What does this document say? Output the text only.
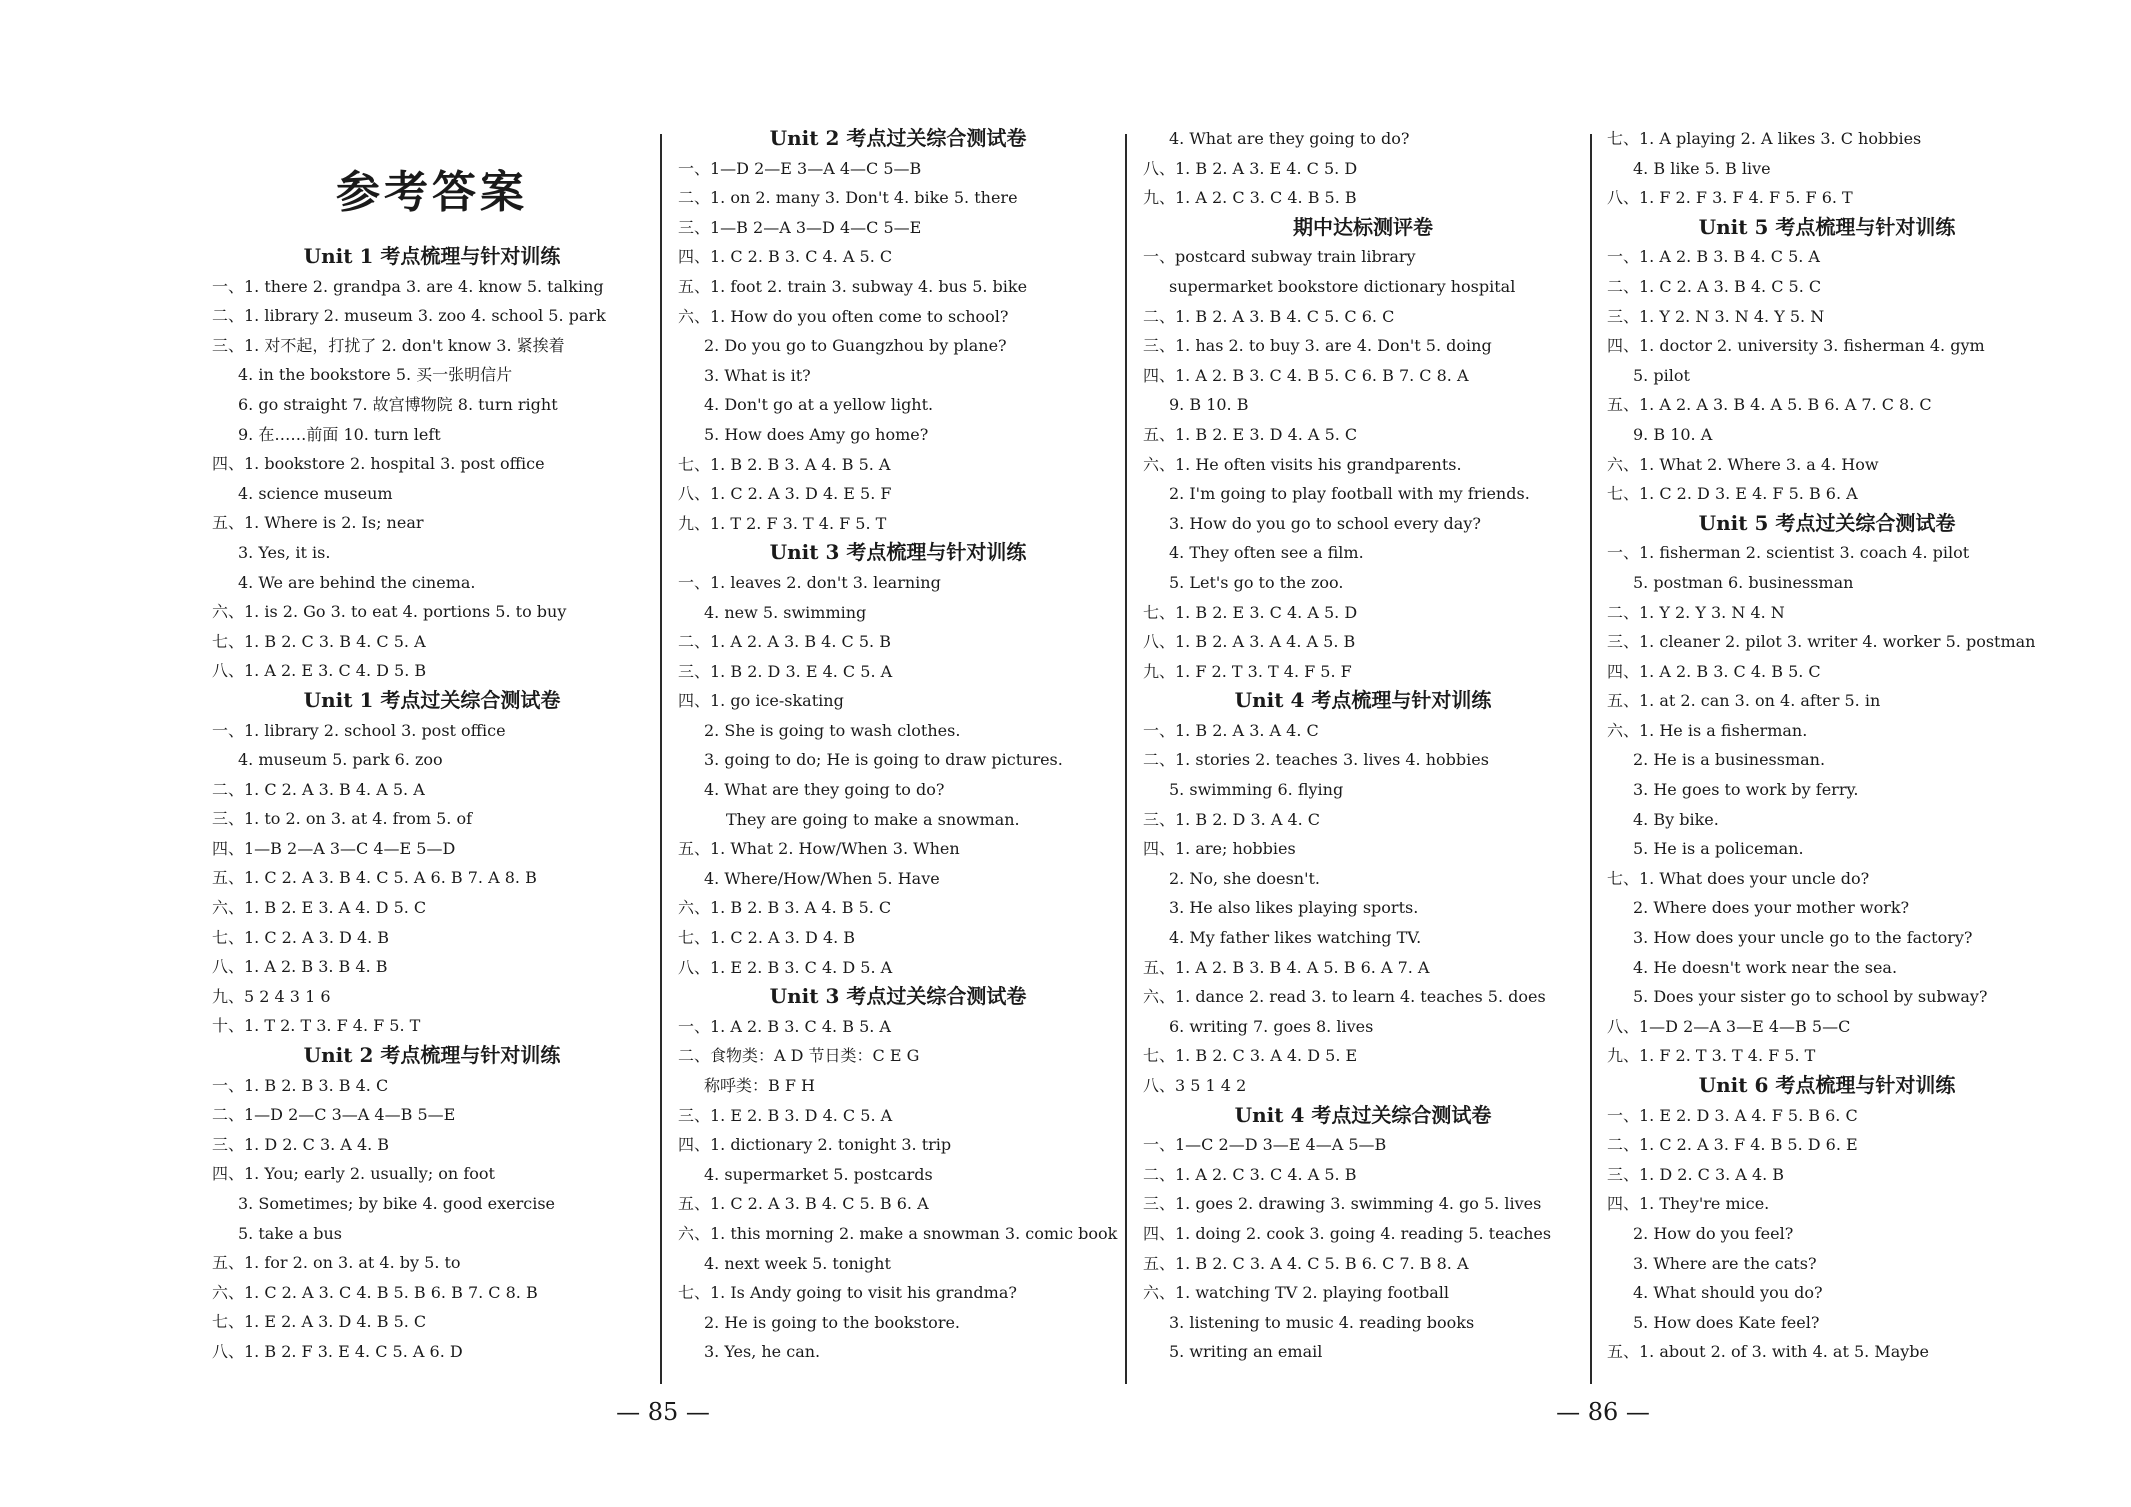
参考答案
Unit 1 考点梳理与针对训练
一、1. there 2. grandpa 3. are 4. know 5. talking
二、1. library 2. museum 3. zoo 4. school 5. park
三、1. 对不起，打扰了 2. don't know 3. 紧挨着
4. in the bookstore 5. 买一张明信片
6. go straight 7. 故宫博物院 8. turn right
9. 在……前面 10. turn left
四、1. bookstore 2. hospital 3. post office
4. science museum
五、1. Where is 2. Is; near
3. Yes, it is.
4. We are behind the cinema.
六、1. is 2. Go 3. to eat 4. portions 5. to buy
七、1. B 2. C 3. B 4. C 5. A
八、1. A 2. E 3. C 4. D 5. B
Unit 1 考点过关综合测试卷
一、1. library 2. school 3. post office
4. museum 5. park 6. zoo
二、1. C 2. A 3. B 4. A 5. A
三、1. to 2. on 3. at 4. from 5. of
四、1—B 2—A 3—C 4—E 5—D
五、1. C 2. A 3. B 4. C 5. A 6. B 7. A 8. B
六、1. B 2. E 3. A 4. D 5. C
七、1. C 2. A 3. D 4. B
八、1. A 2. B 3. B 4. B
九、5 2 4 3 1 6
十、1. T 2. T 3. F 4. F 5. T
Unit 2 考点梳理与针对训练
一、1. B 2. B 3. B 4. C
二、1—D 2—C 3—A 4—B 5—E
三、1. D 2. C 3. A 4. B
四、1. You; early 2. usually; on foot
3. Sometimes; by bike 4. good exercise
5. take a bus
五、1. for 2. on 3. at 4. by 5. to
六、1. C 2. A 3. C 4. B 5. B 6. B 7. C 8. B
七、1. E 2. A 3. D 4. B 5. C
八、1. B 2. F 3. E 4. C 5. A 6. D
Unit 2 考点过关综合测试卷
一、1—D 2—E 3—A 4—C 5—B
二、1. on 2. many 3. Don't 4. bike 5. there
三、1—B 2—A 3—D 4—C 5—E
四、1. C 2. B 3. C 4. A 5. C
五、1. foot 2. train 3. subway 4. bus 5. bike
六、1. How do you often come to school?
2. Do you go to Guangzhou by plane?
3. What is it?
4. Don't go at a yellow light.
5. How does Amy go home?
七、1. B 2. B 3. A 4. B 5. A
八、1. C 2. A 3. D 4. E 5. F
九、1. T 2. F 3. T 4. F 5. T
Unit 3 考点梳理与针对训练
一、1. leaves 2. don't 3. learning
4. new 5. swimming
二、1. A 2. A 3. B 4. C 5. B
三、1. B 2. D 3. E 4. C 5. A
四、1. go ice-skating
2. She is going to wash clothes.
3. going to do; He is going to draw pictures.
4. What are they going to do?
They are going to make a snowman.
五、1. What 2. How/When 3. When
4. Where/How/When 5. Have
六、1. B 2. B 3. A 4. B 5. C
七、1. C 2. A 3. D 4. B
八、1. E 2. B 3. C 4. D 5. A
Unit 3 考点过关综合测试卷
一、1. A 2. B 3. C 4. B 5. A
二、食物类：A D 节日类：C E G
称呼类：B F H
三、1. E 2. B 3. D 4. C 5. A
四、1. dictionary 2. tonight 3. trip
4. supermarket 5. postcards
五、1. C 2. A 3. B 4. C 5. B 6. A
六、1. this morning 2. make a snowman 3. comic book
4. next week 5. tonight
七、1. Is Andy going to visit his grandma?
2. He is going to the bookstore.
3. Yes, he can.
4. What are they going to do?
八、1. B 2. A 3. E 4. C 5. D
九、1. A 2. C 3. C 4. B 5. B
期中达标测评卷
一、postcard subway train library
supermarket bookstore dictionary hospital
二、1. B 2. A 3. B 4. C 5. C 6. C
三、1. has 2. to buy 3. are 4. Don't 5. doing
四、1. A 2. B 3. C 4. B 5. C 6. B 7. C 8. A
9. B 10. B
五、1. B 2. E 3. D 4. A 5. C
六、1. He often visits his grandparents.
2. I'm going to play football with my friends.
3. How do you go to school every day?
4. They often see a film.
5. Let's go to the zoo.
七、1. B 2. E 3. C 4. A 5. D
八、1. B 2. A 3. A 4. A 5. B
九、1. F 2. T 3. T 4. F 5. F
Unit 4 考点梳理与针对训练
一、1. B 2. A 3. A 4. C
二、1. stories 2. teaches 3. lives 4. hobbies
5. swimming 6. flying
三、1. B 2. D 3. A 4. C
四、1. are; hobbies
2. No, she doesn't.
3. He also likes playing sports.
4. My father likes watching TV.
五、1. A 2. B 3. B 4. A 5. B 6. A 7. A
六、1. dance 2. read 3. to learn 4. teaches 5. does
6. writing 7. goes 8. lives
七、1. B 2. C 3. A 4. D 5. E
八、3 5 1 4 2
Unit 4 考点过关综合测试卷
一、1—C 2—D 3—E 4—A 5—B
二、1. A 2. C 3. C 4. A 5. B
三、1. goes 2. drawing 3. swimming 4. go 5. lives
四、1. doing 2. cook 3. going 4. reading 5. teaches
五、1. B 2. C 3. A 4. C 5. B 6. C 7. B 8. A
六、1. watching TV 2. playing football
3. listening to music 4. reading books
5. writing an email
七、1. A playing 2. A likes 3. C hobbies
4. B like 5. B live
八、1. F 2. F 3. F 4. F 5. F 6. T
Unit 5 考点梳理与针对训练
一、1. A 2. B 3. B 4. C 5. A
二、1. C 2. A 3. B 4. C 5. C
三、1. Y 2. N 3. N 4. Y 5. N
四、1. doctor 2. university 3. fisherman 4. gym
5. pilot
五、1. A 2. A 3. B 4. A 5. B 6. A 7. C 8. C
9. B 10. A
六、1. What 2. Where 3. a 4. How
七、1. C 2. D 3. E 4. F 5. B 6. A
Unit 5 考点过关综合测试卷
一、1. fisherman 2. scientist 3. coach 4. pilot
5. postman 6. businessman
二、1. Y 2. Y 3. N 4. N
三、1. cleaner 2. pilot 3. writer 4. worker 5. postman
四、1. A 2. B 3. C 4. B 5. C
五、1. at 2. can 3. on 4. after 5. in
六、1. He is a fisherman.
2. He is a businessman.
3. He goes to work by ferry.
4. By bike.
5. He is a policeman.
七、1. What does your uncle do?
2. Where does your mother work?
3. How does your uncle go to the factory?
4. He doesn't work near the sea.
5. Does your sister go to school by subway?
八、1—D 2—A 3—E 4—B 5—C
九、1. F 2. T 3. T 4. F 5. T
Unit 6 考点梳理与针对训练
一、1. E 2. D 3. A 4. F 5. B 6. C
二、1. C 2. A 3. F 4. B 5. D 6. E
三、1. D 2. C 3. A 4. B
四、1. They're mice.
2. How do you feel?
3. Where are the cats?
4. What should you do?
5. How does Kate feel?
五、1. about 2. of 3. with 4. at 5. Maybe
— 85 —	— 86 —
